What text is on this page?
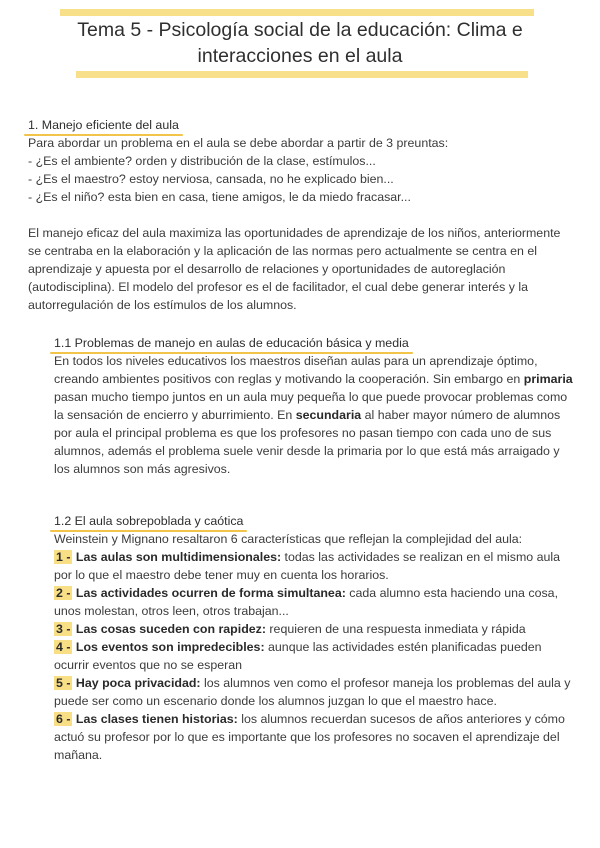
Tema 5 - Psicología social de la educación: Clima e interacciones en el aula

1. Manejo eficiente del aula

Para abordar un problema en el aula se debe abordar a partir de 3 preuntas:

- ¿Es el ambiente? orden y distribución de la clase, estímulos...

- ¿Es el maestro? estoy nerviosa, cansada, no he explicado bien...

- ¿Es el niño? esta bien en casa, tiene amigos, le da miedo fracasar...

El manejo eficaz del aula maximiza las oportunidades de aprendizaje de los niños, anteriormente se centraba en la elaboración y la aplicación de las normas pero actualmente se centra en el aprendizaje y apuesta por el desarrollo de relaciones y oportunidades de autoreglación (autodisciplina). El modelo del profesor es el de facilitador, el cual debe generar interés y la autorregulación de los estímulos de los alumnos.

1.1 Problemas de manejo en aulas de educación básica y media

En todos los niveles educativos los maestros diseñan aulas para un aprendizaje óptimo, creando ambientes positivos con reglas y motivando la cooperación. Sin embargo en primaria pasan mucho tiempo juntos en un aula muy pequeña lo que puede provocar problemas como la sensación de encierro y aburrimiento. En secundaria al haber mayor número de alumnos por aula el principal problema es que los profesores no pasan tiempo con cada uno de sus alumnos, además el problema suele venir desde la primaria por lo que está más arraigado y los alumnos son más agresivos.

1.2 El aula sobrepoblada y caótica

Weinstein y Mignano resaltaron 6 características que reflejan la complejidad del aula:

1 - Las aulas son multidimensionales: todas las actividades se realizan en el mismo aula por lo que el maestro debe tener muy en cuenta los horarios.

2 - Las actividades ocurren de forma simultanea: cada alumno esta haciendo una cosa, unos molestan, otros leen, otros trabajan...

3 - Las cosas suceden con rapidez: requieren de una respuesta inmediata y rápida

4 - Los eventos son impredecibles: aunque las actividades estén planificadas pueden ocurrir eventos que no se esperan

5 - Hay poca privacidad: los alumnos ven como el profesor maneja los problemas del aula y puede ser como un escenario donde los alumnos juzgan lo que el maestro hace.

6 - Las clases tienen historias: los alumnos recuerdan sucesos de años anteriores y cómo actuó su profesor por lo que es importante que los profesores no socaven el aprendizaje del mañana.
